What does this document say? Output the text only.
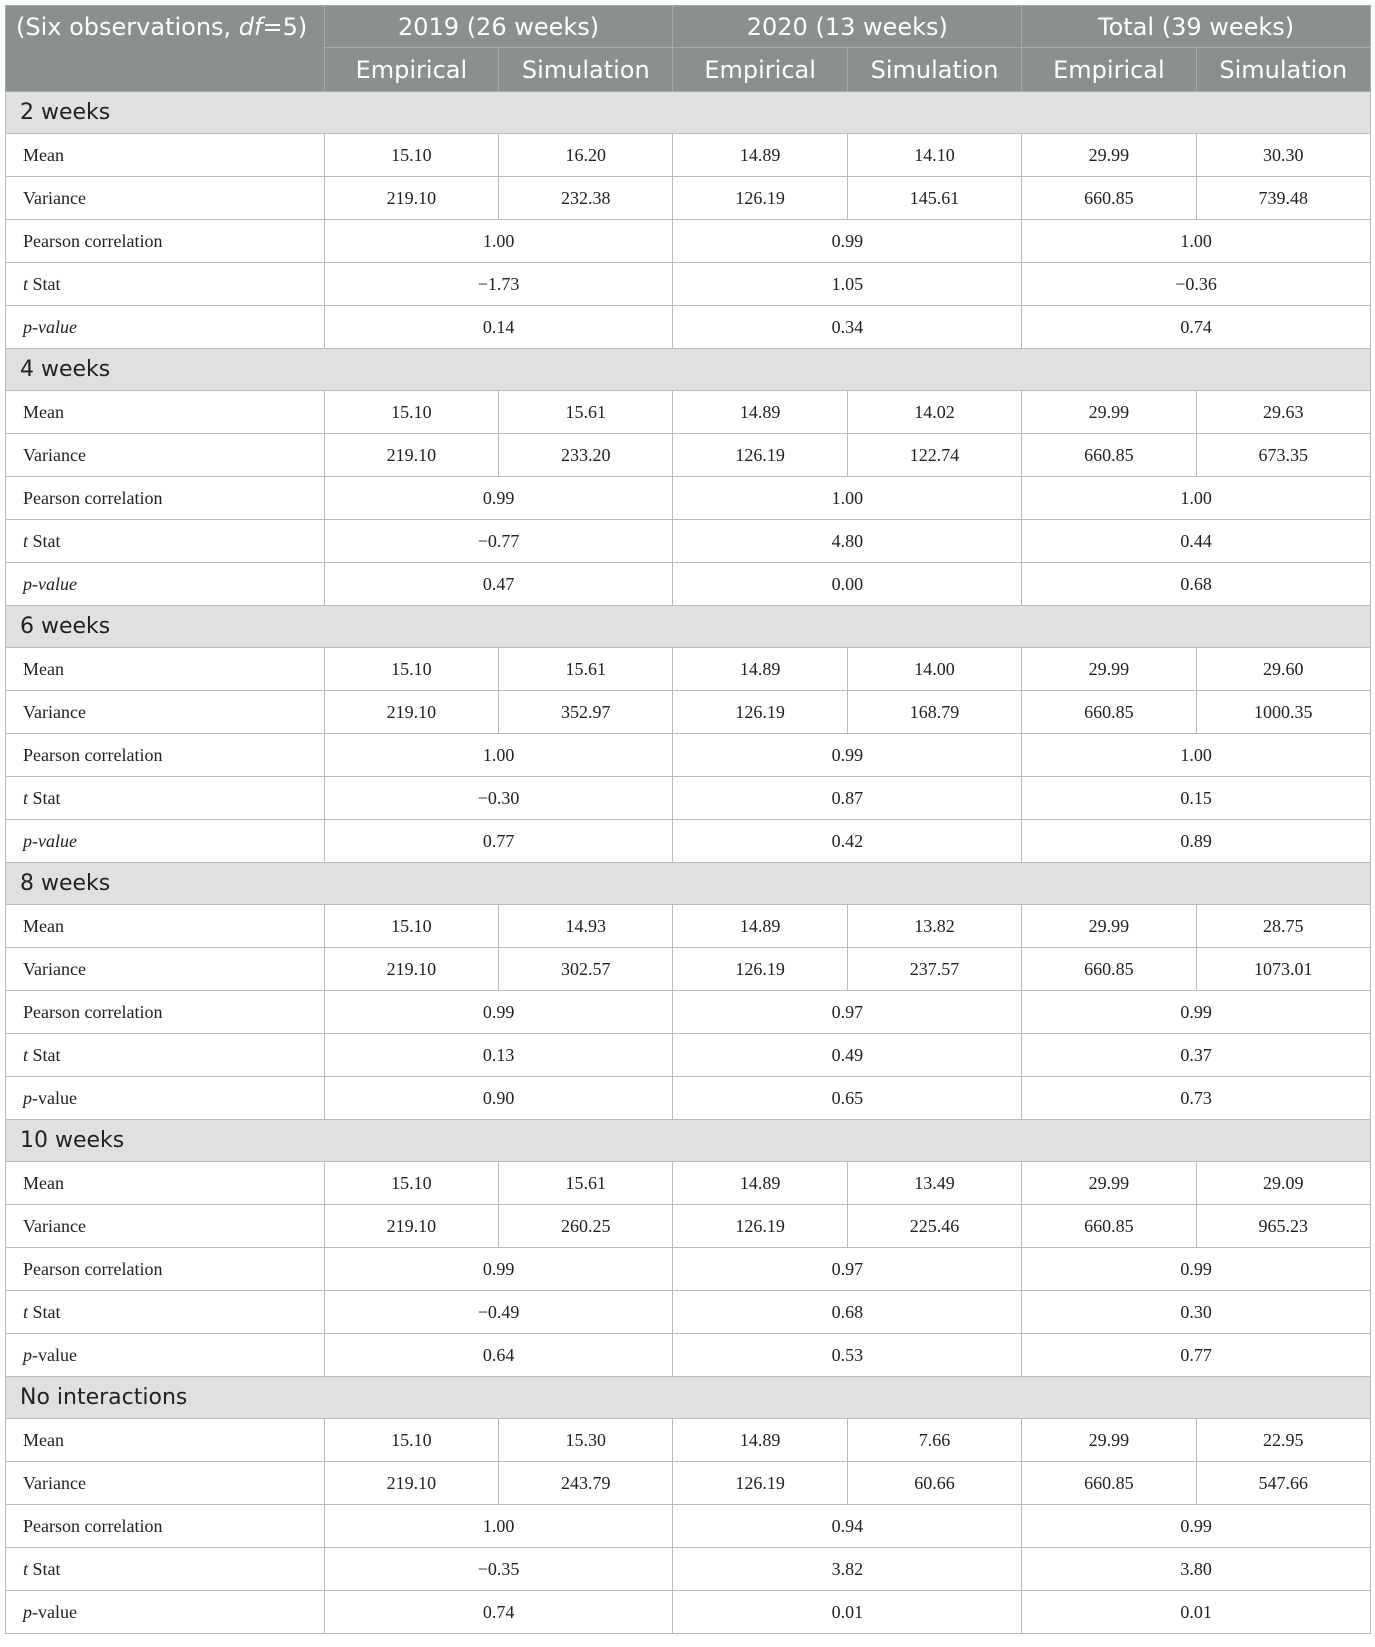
(Six observations, df=5)	2019 (26 weeks)		2020 (13 weeks)		Total (39 weeks)	
	Empirical	Simulation	Empirical	Simulation	Empirical	Simulation
2 weeks						
Mean	15.10	16.20	14.89	14.10	29.99	30.30
Variance	219.10	232.38	126.19	145.61	660.85	739.48
Pearson correlation	1.00		0.99		1.00	
t Stat	−1.73		1.05		−0.36	
p-value	0.14		0.34		0.74	
4 weeks						
Mean	15.10	15.61	14.89	14.02	29.99	29.63
Variance	219.10	233.20	126.19	122.74	660.85	673.35
Pearson correlation	0.99		1.00		1.00	
t Stat	−0.77		4.80		0.44	
p-value	0.47		0.00		0.68	
6 weeks						
Mean	15.10	15.61	14.89	14.00	29.99	29.60
Variance	219.10	352.97	126.19	168.79	660.85	1000.35
Pearson correlation	1.00		0.99		1.00	
t Stat	−0.30		0.87		0.15	
p-value	0.77		0.42		0.89	
8 weeks						
Mean	15.10	14.93	14.89	13.82	29.99	28.75
Variance	219.10	302.57	126.19	237.57	660.85	1073.01
Pearson correlation	0.99		0.97		0.99	
t Stat	0.13		0.49		0.37	
p-value	0.90		0.65		0.73	
10 weeks						
Mean	15.10	15.61	14.89	13.49	29.99	29.09
Variance	219.10	260.25	126.19	225.46	660.85	965.23
Pearson correlation	0.99		0.97		0.99	
t Stat	−0.49		0.68		0.30	
p-value	0.64		0.53		0.77	
No interactions						
Mean	15.10	15.30	14.89	7.66	29.99	22.95
Variance	219.10	243.79	126.19	60.66	660.85	547.66
Pearson correlation	1.00		0.94		0.99	
t Stat	−0.35		3.82		3.80	
p-value	0.74		0.01		0.01	
